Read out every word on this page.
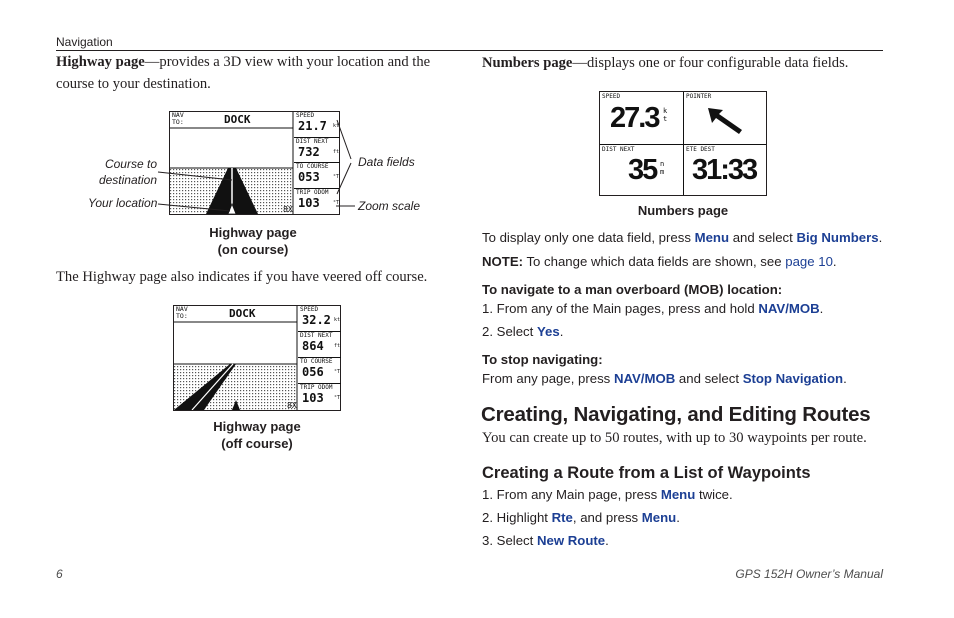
Navigation
Highway page—provides a 3D view with your location and the
course to your destination.
NAV
TO:	DOCK
8X
SPEED
21.7	kt
DIST NEXT
732	ft
TO COURSE
053	°T
TRIP ODOM
103	°T
Course to
destination
Your location
Data fields
Zoom scale
Highway page
(on course)
The Highway page also indicates if you have veered off course.
NAV
TO:	DOCK
8X
SPEED
32.2 kt
DIST NEXT
864	ft
TO COURSE
056	°T
TRIP ODOM
103	°T
Highway page
(off course)
Numbers page—displays one or four configurable data fields.
SPEED
27.3 k
t
POINTER
DIST NEXT
35 n
m
ETE DEST
31:33
Numbers page
To display only one data field, press Menu and select Big Numbers.
NOTE: To change which data fields are shown, see page 10.
To navigate to a man overboard (MOB) location:
1. From any of the Main pages, press and hold NAV/MOB.
2. Select Yes.
To stop navigating:
From any page, press NAV/MOB and select Stop Navigation.
Creating, Navigating, and Editing Routes
You can create up to 50 routes, with up to 30 waypoints per route.
Creating a Route from a List of Waypoints
1. From any Main page, press Menu twice.
2. Highlight Rte, and press Menu.
3. Select New Route.
6	GPS 152H Owner’s Manual
